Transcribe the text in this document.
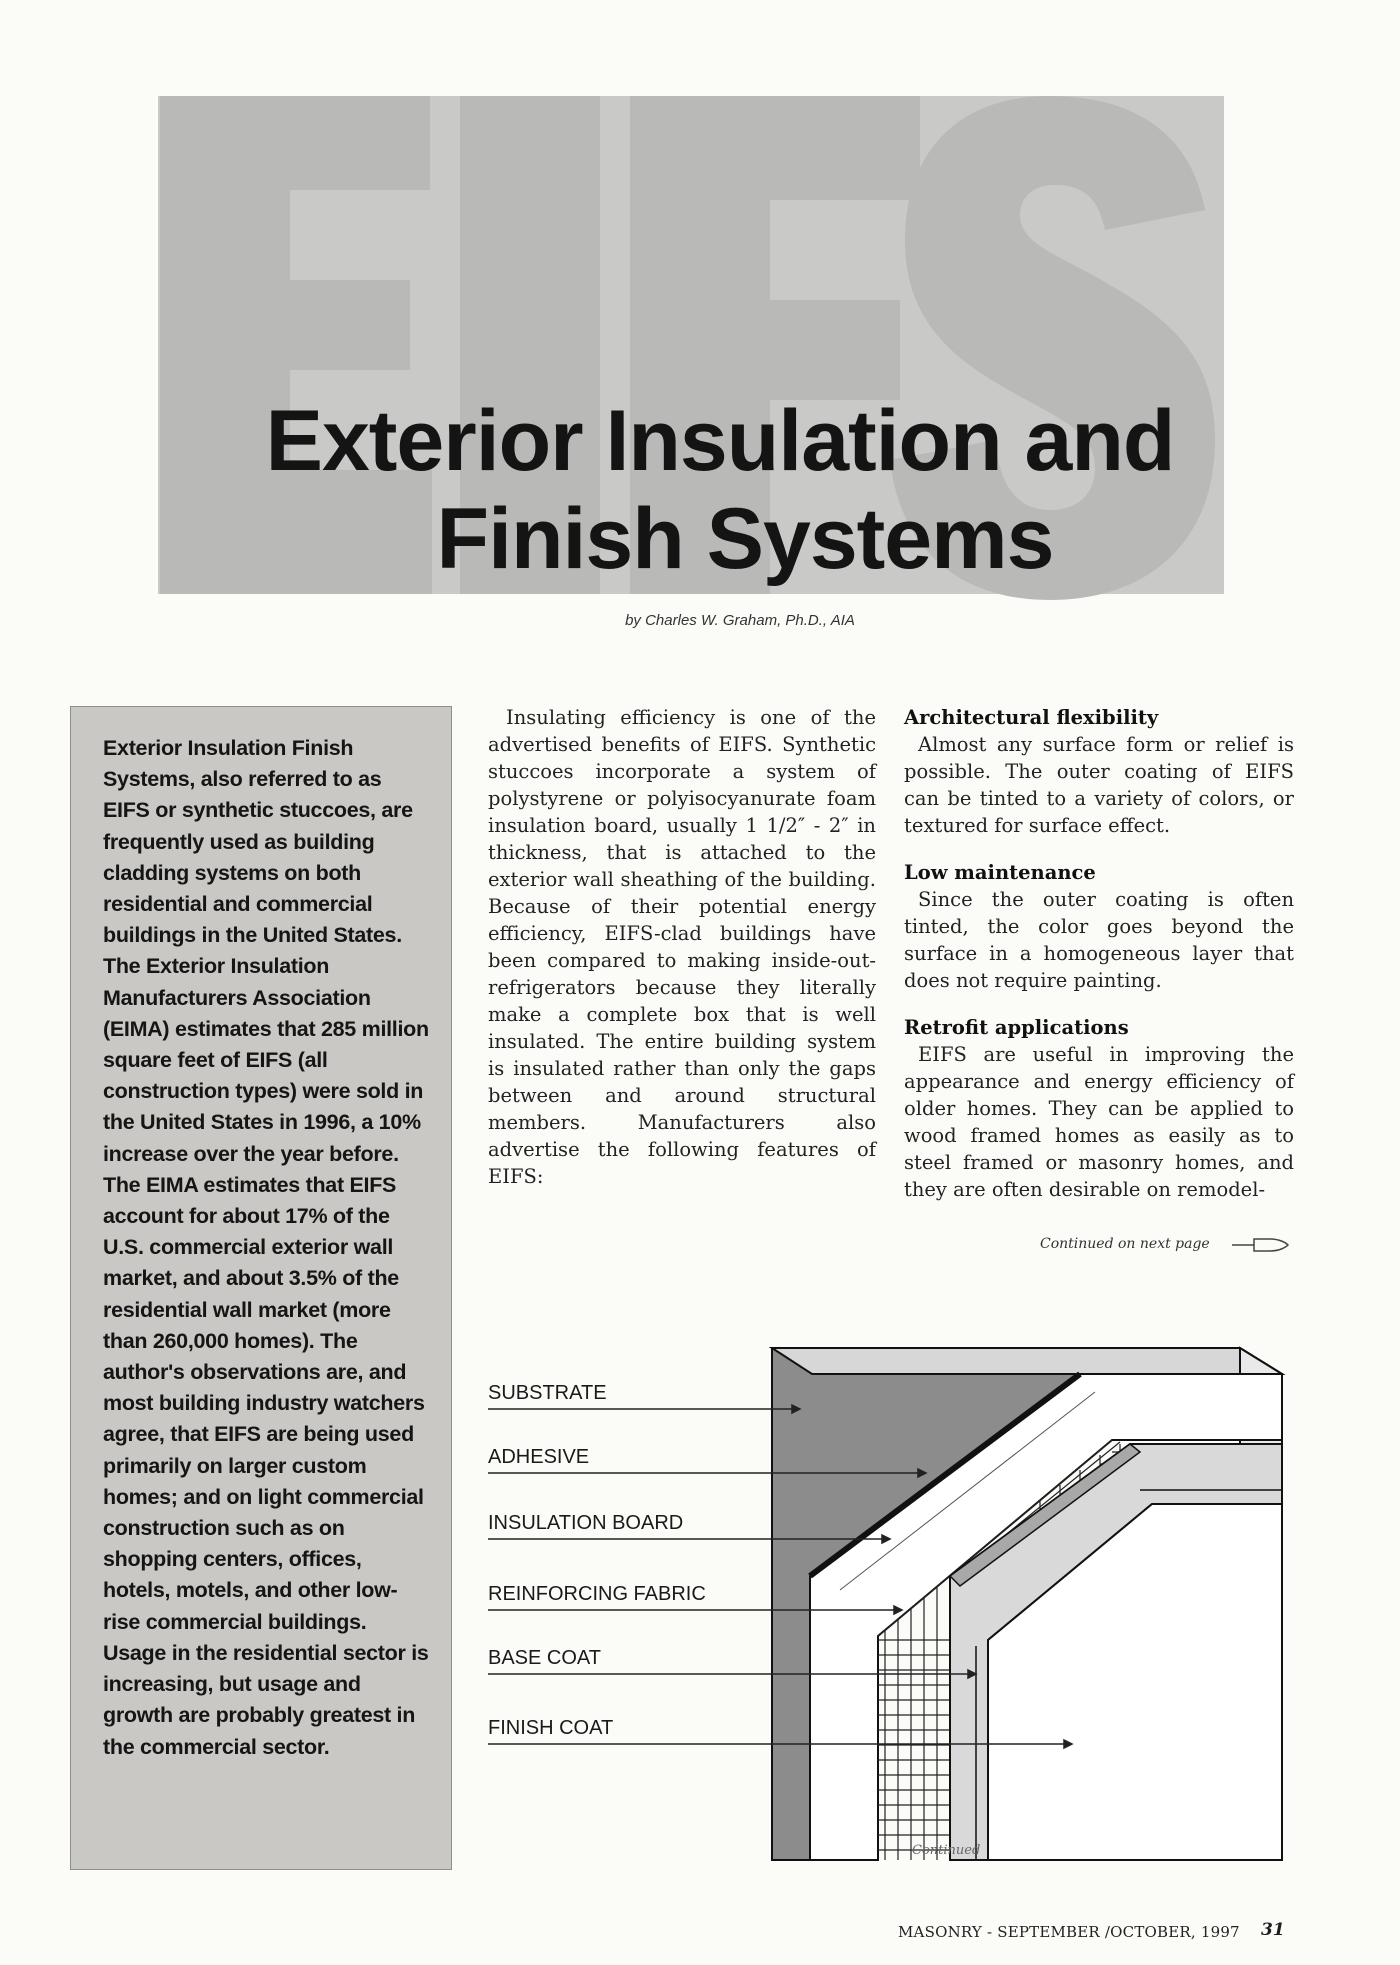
Exterior Insulation and
Finish Systems
by Charles W. Graham, Ph.D., AIA
Exterior Insulation Finish Systems, also referred to as EIFS or synthetic stuccoes, are frequently used as building cladding systems on both residential and commercial buildings in the United States. The Exterior Insulation Manufacturers Association (EIMA) estimates that 285 million square feet of EIFS (all construction types) were sold in the United States in 1996, a 10% increase over the year before. The EIMA estimates that EIFS account for about 17% of the U.S. commercial exterior wall market, and about 3.5% of the residential wall market (more than 260,000 homes). The author's observations are, and most building industry watchers agree, that EIFS are being used primarily on larger custom homes; and on light commercial construction such as on shopping centers, offices, hotels, motels, and other low-rise commercial buildings. Usage in the residential sector is increasing, but usage and growth are probably greatest in the commercial sector.

Insulating efficiency is one of the advertised benefits of EIFS. Synthetic stuccoes incorporate a system of polystyrene or polyisocyanurate foam insulation board, usually 1 1/2″ - 2″ in thickness, that is attached to the exterior wall sheathing of the building. Because of their potential energy efficiency, EIFS-clad buildings have been compared to making inside-out-refrigerators because they literally make a complete box that is well insulated. The entire building system is insulated rather than only the gaps between and around structural members. Manufacturers also advertise the following features of EIFS:

Architectural flexibility

Almost any surface form or relief is possible. The outer coating of EIFS can be tinted to a variety of colors, or textured for surface effect.

Low maintenance

Since the outer coating is often tinted, the color goes beyond the surface in a homogeneous layer that does not require painting.

Retrofit applications

EIFS are useful in improving the appearance and energy efficiency of older homes. They can be applied to wood framed homes as easily as to steel framed or masonry homes, and they are often desirable on remodel-

Continued on next page
Continued
SUBSTRATE
ADHESIVE
INSULATION BOARD
REINFORCING FABRIC
BASE COAT
FINISH COAT
MASONRY - SEPTEMBER /OCTOBER, 1997 31
